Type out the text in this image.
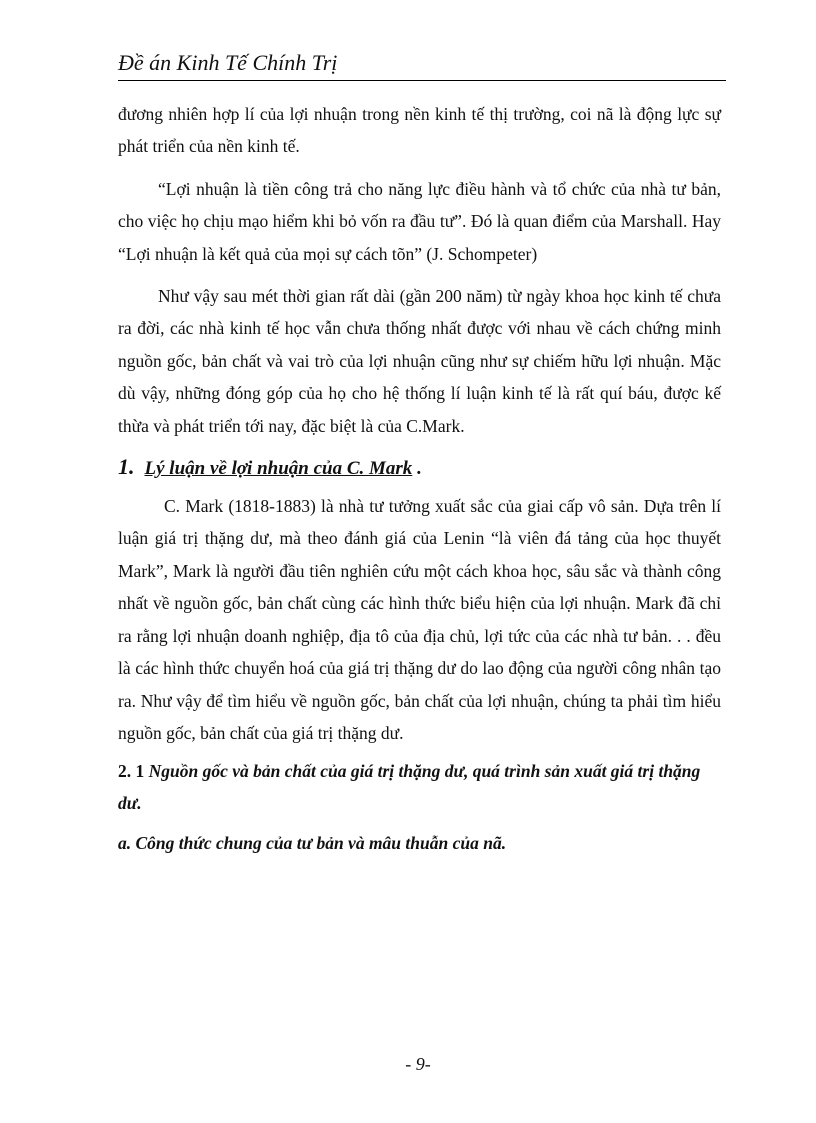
Đề án Kinh Tế Chính Trị

đương nhiên hợp lí của lợi nhuận trong nền kinh tế thị trường, coi nã là động lực sự phát triển của nền kinh tế.

“Lợi nhuận là tiền công trả cho năng lực điều hành và tổ chức của nhà tư bản, cho việc họ chịu mạo hiểm khi bỏ vốn ra đầu tư”. Đó là quan điểm của Marshall. Hay “Lợi nhuận là kết quả của mọi sự cách tõn” (J. Schompeter)

Như vậy sau mét thời gian rất dài (gần 200 năm) từ ngày khoa học kinh tế chưa ra đời, các nhà kinh tế học vẫn chưa thống nhất được với nhau về cách chứng minh nguồn gốc, bản chất và vai trò của lợi nhuận cũng như sự chiếm hữu lợi nhuận. Mặc dù vậy, những đóng góp của họ cho hệ thống lí luận kinh tế là rất quí báu, được kế thừa và phát triển tới nay, đặc biệt là của C.Mark.

1. Lý luận về lợi nhuận của C. Mark .

C. Mark (1818-1883) là nhà tư tưởng xuất sắc của giai cấp vô sản. Dựa trên lí luận giá trị thặng dư, mà theo đánh giá của Lenin “là viên đá tảng của học thuyết Mark”, Mark là người đầu tiên nghiên cứu một cách khoa học, sâu sắc và thành công nhất về nguồn gốc, bản chất cùng các hình thức biểu hiện của lợi nhuận. Mark đã chỉ ra rằng lợi nhuận doanh nghiệp, địa tô của địa chủ, lợi tức của các nhà tư bản. . . đều là các hình thức chuyển hoá của giá trị thặng dư do lao động của người công nhân tạo ra. Như vậy để tìm hiểu về nguồn gốc, bản chất của lợi nhuận, chúng ta phải tìm hiểu nguồn gốc, bản chất của giá trị thặng dư.

2. 1 Nguồn gốc và bản chất của giá trị thặng dư, quá trình sản xuất giá trị thặng dư.
a. Công thức chung của tư bản và mâu thuẫn của nã.
- 9-
